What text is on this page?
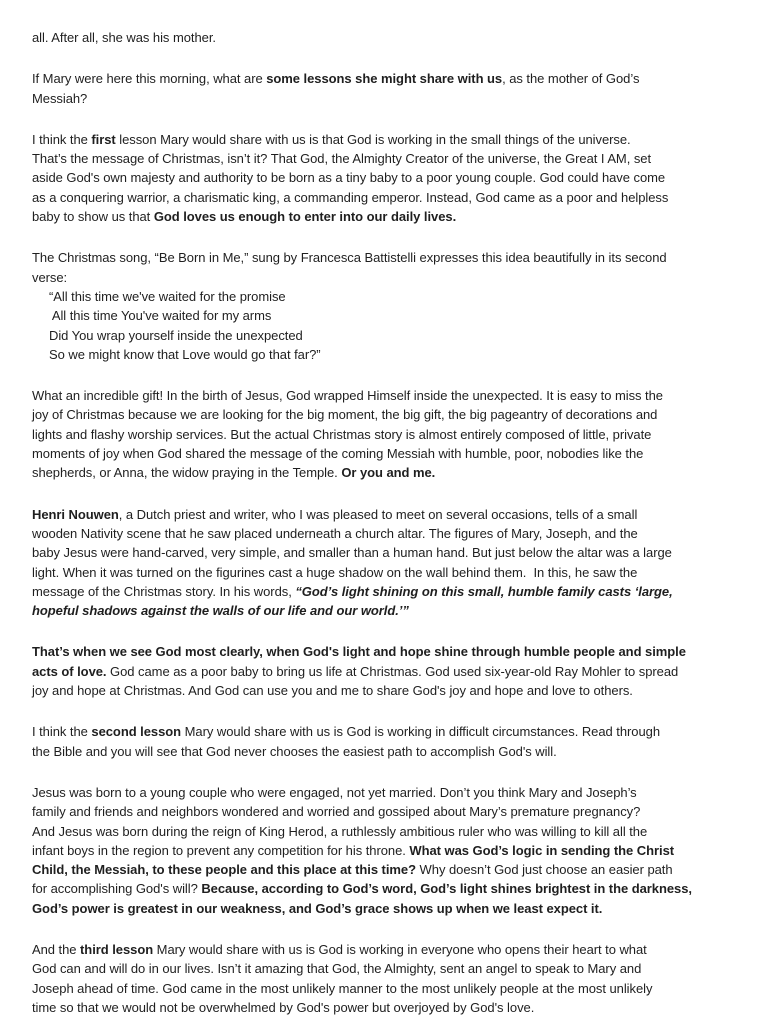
all. After all, she was his mother.

If Mary were here this morning, what are some lessons she might share with us, as the mother of God’s
Messiah?

I think the first lesson Mary would share with us is that God is working in the small things of the universe.
That’s the message of Christmas, isn’t it? That God, the Almighty Creator of the universe, the Great I AM, set
aside God's own majesty and authority to be born as a tiny baby to a poor young couple. God could have come
as a conquering warrior, a charismatic king, a commanding emperor. Instead, God came as a poor and helpless
baby to show us that God loves us enough to enter into our daily lives.

The Christmas song, “Be Born in Me,” sung by Francesca Battistelli expresses this idea beautifully in its second
verse:
“All this time we've waited for the promise
All this time You've waited for my arms
Did You wrap yourself inside the unexpected
So we might know that Love would go that far?”

What an incredible gift! In the birth of Jesus, God wrapped Himself inside the unexpected. It is easy to miss the
joy of Christmas because we are looking for the big moment, the big gift, the big pageantry of decorations and
lights and flashy worship services. But the actual Christmas story is almost entirely composed of little, private
moments of joy when God shared the message of the coming Messiah with humble, poor, nobodies like the
shepherds, or Anna, the widow praying in the Temple. Or you and me.

Henri Nouwen, a Dutch priest and writer, who I was pleased to meet on several occasions, tells of a small
wooden Nativity scene that he saw placed underneath a church altar. The figures of Mary, Joseph, and the
baby Jesus were hand-carved, very simple, and smaller than a human hand. But just below the altar was a large
light. When it was turned on the figurines cast a huge shadow on the wall behind them.  In this, he saw the
message of the Christmas story. In his words, “God’s light shining on this small, humble family casts ‘large,
hopeful shadows against the walls of our life and our world.’”

That’s when we see God most clearly, when God's light and hope shine through humble people and simple
acts of love. God came as a poor baby to bring us life at Christmas. God used six-year-old Ray Mohler to spread
joy and hope at Christmas. And God can use you and me to share God's joy and hope and love to others.

I think the second lesson Mary would share with us is God is working in difficult circumstances. Read through
the Bible and you will see that God never chooses the easiest path to accomplish God's will.

Jesus was born to a young couple who were engaged, not yet married. Don’t you think Mary and Joseph’s
family and friends and neighbors wondered and worried and gossiped about Mary’s premature pregnancy?
And Jesus was born during the reign of King Herod, a ruthlessly ambitious ruler who was willing to kill all the
infant boys in the region to prevent any competition for his throne. What was God’s logic in sending the Christ
Child, the Messiah, to these people and this place at this time? Why doesn’t God just choose an easier path
for accomplishing God's will? Because, according to God’s word, God’s light shines brightest in the darkness,
God’s power is greatest in our weakness, and God’s grace shows up when we least expect it.

And the third lesson Mary would share with us is God is working in everyone who opens their heart to what
God can and will do in our lives. Isn’t it amazing that God, the Almighty, sent an angel to speak to Mary and
Joseph ahead of time. God came in the most unlikely manner to the most unlikely people at the most unlikely
time so that we would not be overwhelmed by God's power but overjoyed by God's love.
